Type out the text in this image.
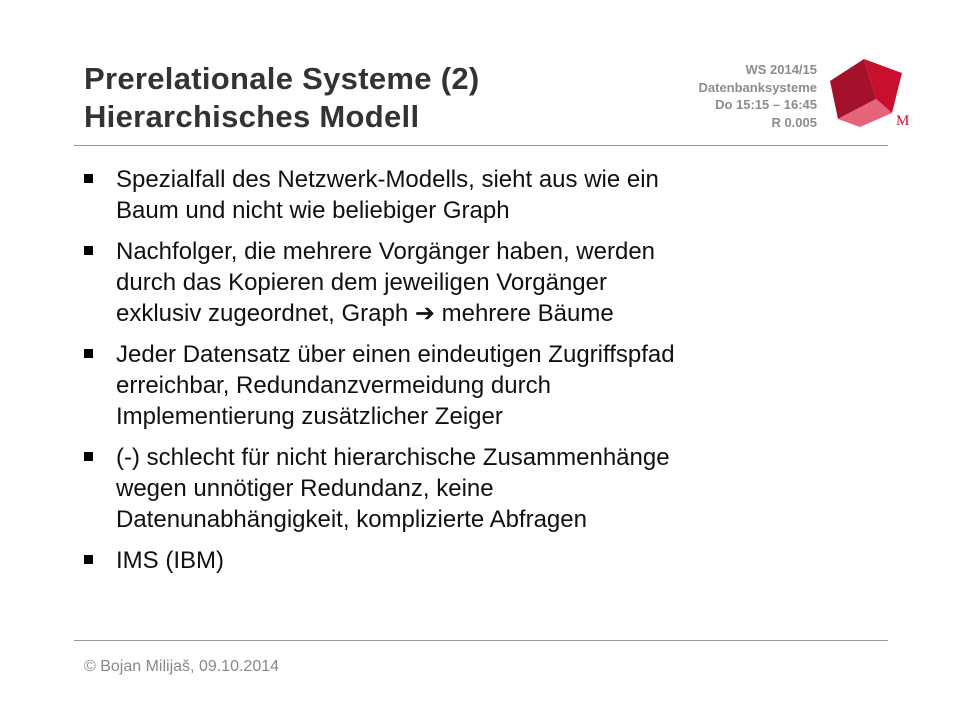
Prerelationale Systeme (2)
Hierarchisches Modell
WS 2014/15
Datenbanksysteme
Do 15:15 – 16:45
R 0.005	M
Spezialfall des Netzwerk-Modells, sieht aus wie ein
Baum und nicht wie beliebiger Graph
Nachfolger, die mehrere Vorgänger haben, werden
durch das Kopieren dem jeweiligen Vorgänger
exklusiv zugeordnet, Graph ➔ mehrere Bäume
Jeder Datensatz über einen eindeutigen Zugriffspfad
erreichbar, Redundanzvermeidung durch
Implementierung zusätzlicher Zeiger
(-) schlecht für nicht hierarchische Zusammenhänge
wegen unnötiger Redundanz, keine
Datenunabhängigkeit, komplizierte Abfragen
IMS (IBM)
© Bojan Milijaš, 09.10.2014
